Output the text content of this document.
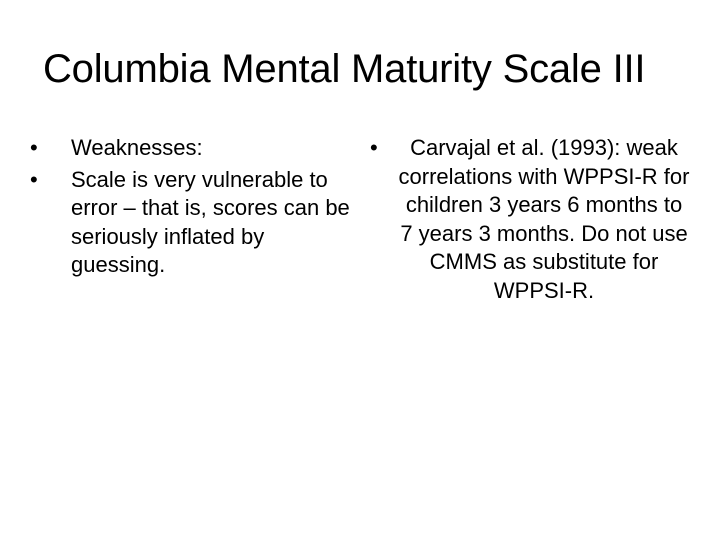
Columbia Mental Maturity Scale III
•	Weaknesses:
•	Scale is very vulnerable to error – that is, scores can be seriously inflated by guessing.
•	Carvajal et al. (1993): weak correlations with WPPSI-R for children 3 years 6 months to 7 years 3 months. Do not use CMMS as substitute for WPPSI-R.
